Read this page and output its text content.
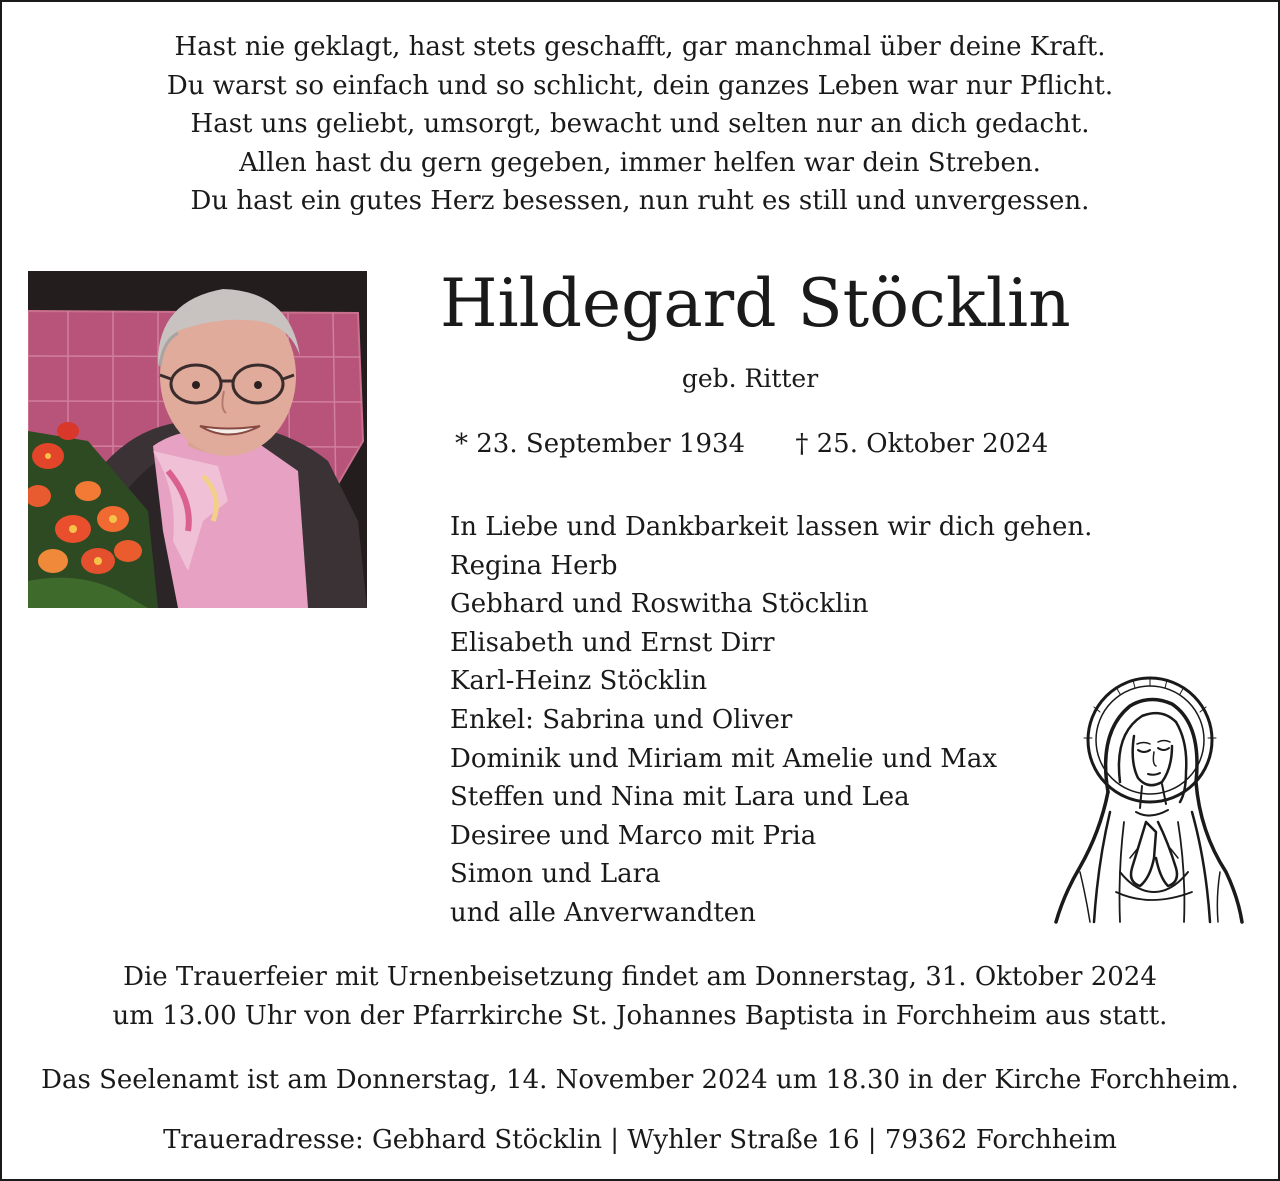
Hast nie geklagt, hast stets geschafft, gar manchmal über deine Kraft.
Du warst so einfach und so schlicht, dein ganzes Leben war nur Pflicht.
Hast uns geliebt, umsorgt, bewacht und selten nur an dich gedacht.
Allen hast du gern gegeben, immer helfen war dein Streben.
Du hast ein gutes Herz besessen, nun ruht es still und unvergessen.
Hildegard Stöcklin
geb. Ritter
* 23. September 1934 † 25. Oktober 2024
In Liebe und Dankbarkeit lassen wir dich gehen.
Regina Herb
Gebhard und Roswitha Stöcklin
Elisabeth und Ernst Dirr
Karl-Heinz Stöcklin
Enkel: Sabrina und Oliver
Dominik und Miriam mit Amelie und Max
Steffen und Nina mit Lara und Lea
Desiree und Marco mit Pria
Simon und Lara
und alle Anverwandten
Die Trauerfeier mit Urnenbeisetzung findet am Donnerstag, 31. Oktober 2024
um 13.00 Uhr von der Pfarrkirche St. Johannes Baptista in Forchheim aus statt.
Das Seelenamt ist am Donnerstag, 14. November 2024 um 18.30 in der Kirche Forchheim.
Traueradresse: Gebhard Stöcklin | Wyhler Straße 16 | 79362 Forchheim
